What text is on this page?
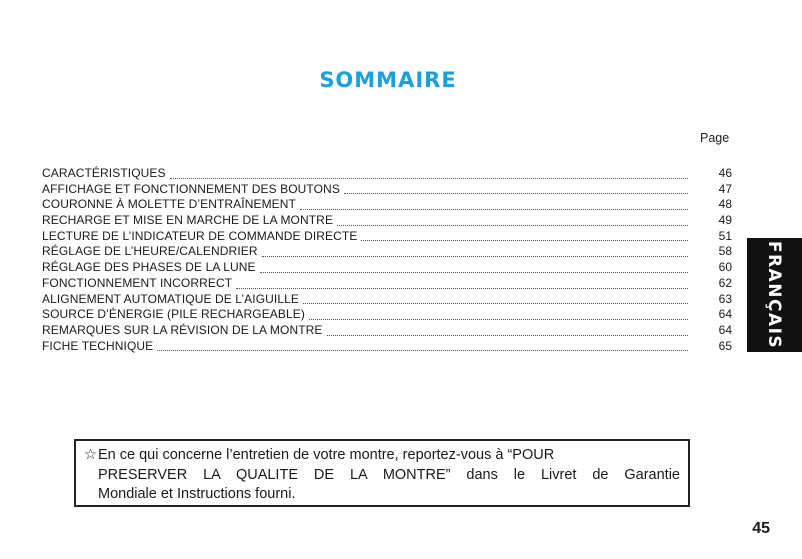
SOMMAIRE
Page
CARACTÉRISTIQUES	46
AFFICHAGE ET FONCTIONNEMENT DES BOUTONS	47
COURONNE À MOLETTE D’ENTRAÎNEMENT	48
RECHARGE ET MISE EN MARCHE DE LA MONTRE	49
LECTURE DE L’INDICATEUR DE COMMANDE DIRECTE	51
RÉGLAGE DE L’HEURE/CALENDRIER	58
RÉGLAGE DES PHASES DE LA LUNE	60
FONCTIONNEMENT INCORRECT	62
ALIGNEMENT AUTOMATIQUE DE L’AIGUILLE	63
SOURCE D’ÉNERGIE (PILE RECHARGEABLE)	64
REMARQUES SUR LA RÉVISION DE LA MONTRE	64
FICHE TECHNIQUE	65 FRANÇAIS
☆En ce qui concerne l’entretien de votre montre, reportez-vous à “POUR
PRESERVER LA QUALITE DE LA MONTRE” dans le Livret de Garantie
Mondiale et Instructions fourni.
45
